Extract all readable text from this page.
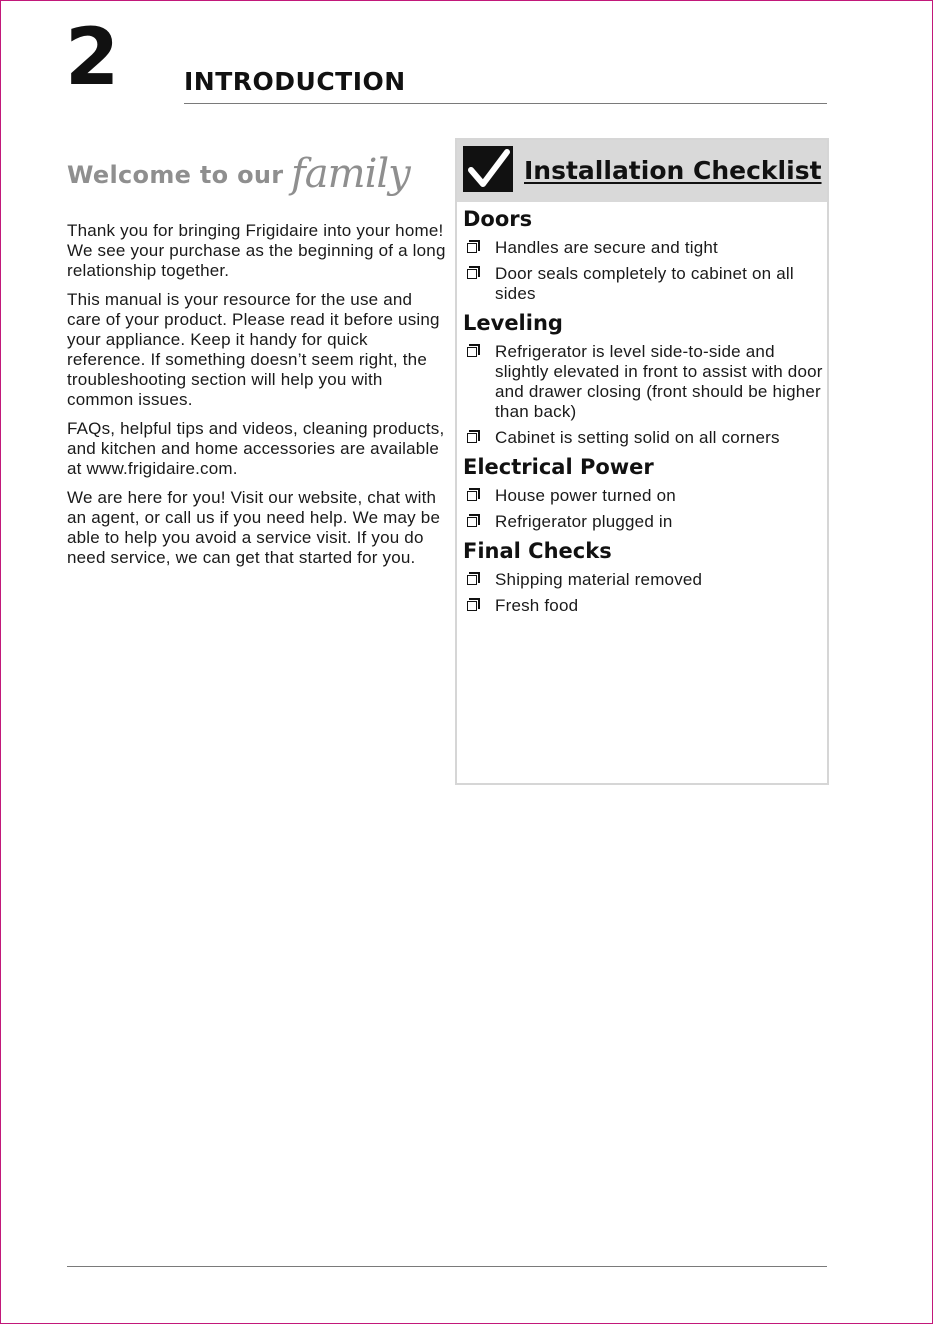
2	INTRODUCTION
Welcome to our family

Thank you for bringing Frigidaire into your home! We see your purchase as the beginning of a long relationship together.

This manual is your resource for the use and care of your product. Please read it before using your appliance. Keep it handy for quick reference. If something doesn’t seem right, the troubleshooting section will help you with common issues.

FAQs, helpful tips and videos, cleaning products, and kitchen and home accessories are available at www.frigidaire.com.

We are here for you! Visit our website, chat with an agent, or call us if you need help. We may be able to help you avoid a service visit. If you do need service, we can get that started for you.

Installation Checklist
Doors
Handles are secure and tight
Door seals completely to cabinet on all sides
Leveling
Refrigerator is level side-to-side and slightly elevated in front to assist with door and drawer closing (front should be higher than back)
Cabinet is setting solid on all corners
Electrical Power
House power turned on
Refrigerator plugged in
Final Checks
Shipping material removed
Fresh food
